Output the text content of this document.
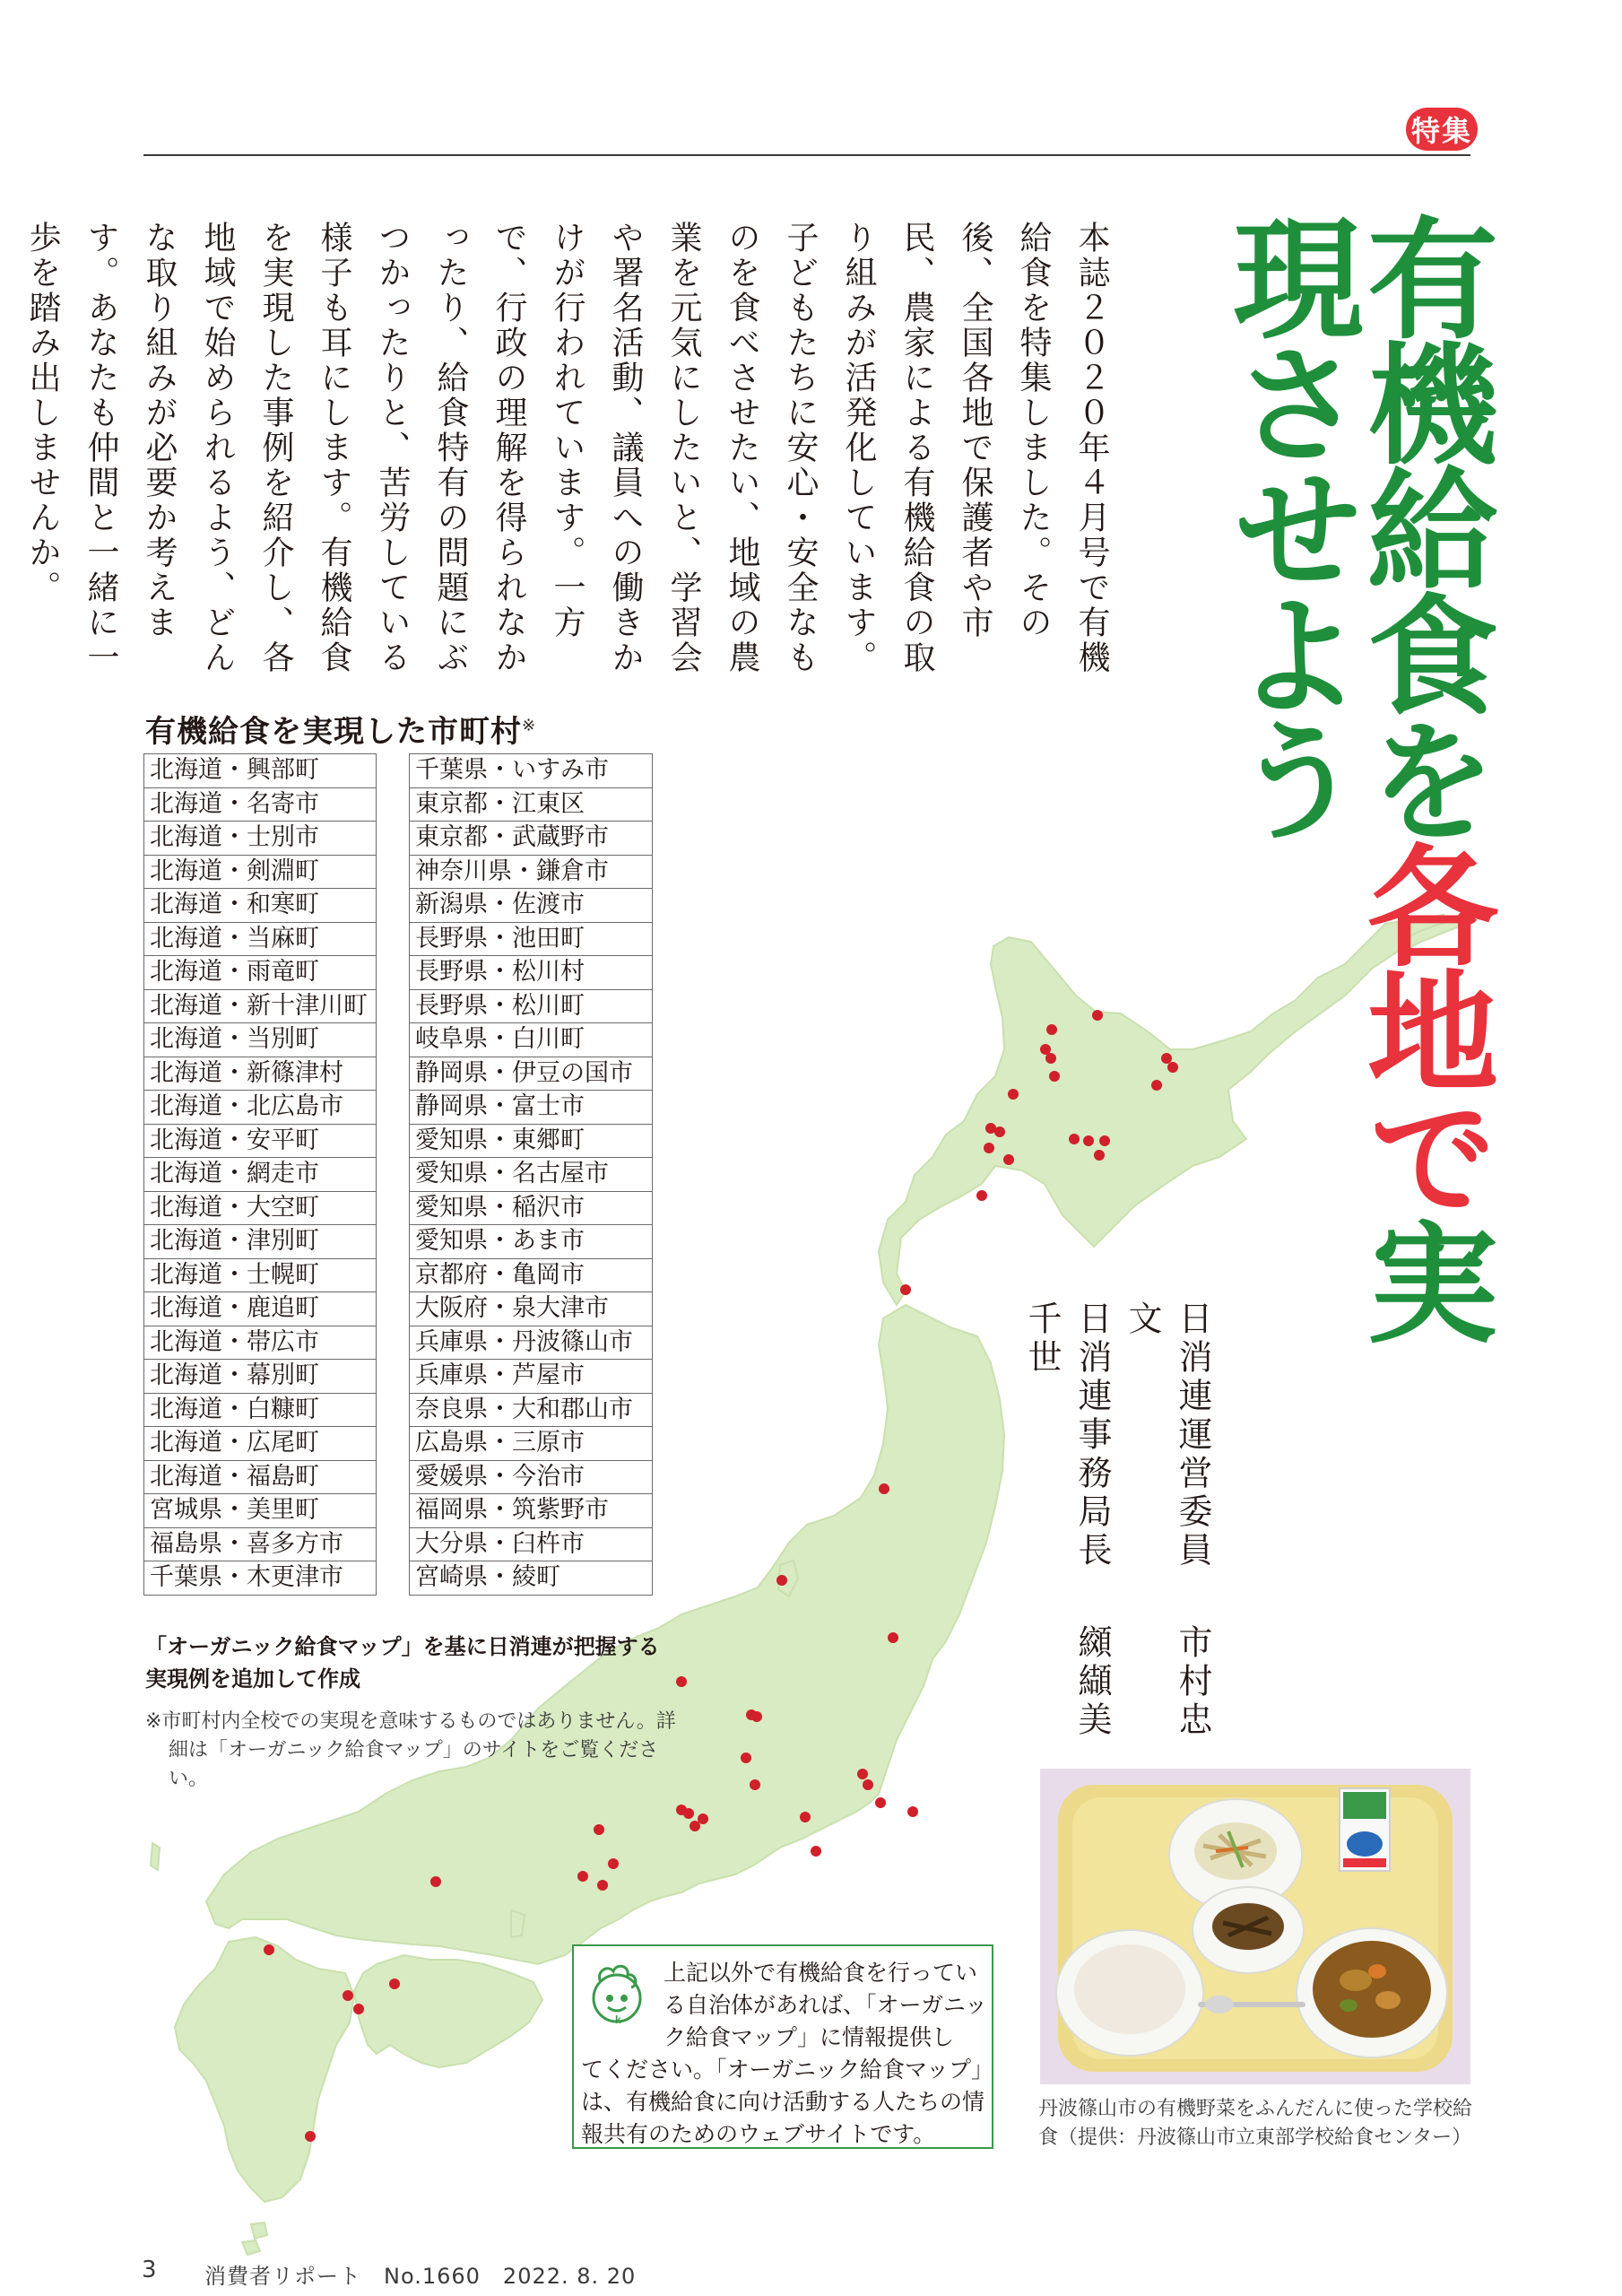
特集
有機給食を各地で実現させよう
本誌２０２０年４月号で有機給食を特集しました。その後、全国各地で保護者や市民、農家による有機給食の取り組みが活発化しています。子どもたちに安心・安全なものを食べさせたい、地域の農業を元気にしたいと、学習会や署名活動、議員への働きかけが行われています。一方で、行政の理解を得られなかったり、給食特有の問題にぶつかったりと、苦労している様子も耳にします。有機給食を実現した事例を紹介し、各地域で始められるよう、どんな取り組みが必要か考えます。あなたも仲間と一緒に一歩を踏み出しませんか。
日消連運営委員市村忠文
日消連事務局長纐纈美千世
有機給食を実現した市町村※
北海道・興部町
北海道・名寄市
北海道・士別市
北海道・剣淵町
北海道・和寒町
北海道・当麻町
北海道・雨竜町
北海道・新十津川町
北海道・当別町
北海道・新篠津村
北海道・北広島市
北海道・安平町
北海道・網走市
北海道・大空町
北海道・津別町
北海道・士幌町
北海道・鹿追町
北海道・帯広市
北海道・幕別町
北海道・白糠町
北海道・広尾町
北海道・福島町
宮城県・美里町
福島県・喜多方市
千葉県・木更津市
千葉県・いすみ市
東京都・江東区
東京都・武蔵野市
神奈川県・鎌倉市
新潟県・佐渡市
長野県・池田町
長野県・松川村
長野県・松川町
岐阜県・白川町
静岡県・伊豆の国市
静岡県・富士市
愛知県・東郷町
愛知県・名古屋市
愛知県・稲沢市
愛知県・あま市
京都府・亀岡市
大阪府・泉大津市
兵庫県・丹波篠山市
兵庫県・芦屋市
奈良県・大和郡山市
広島県・三原市
愛媛県・今治市
福岡県・筑紫野市
大分県・臼杵市
宮崎県・綾町
「オーガニック給食マップ」を基に日消連が把握する実現例を追加して作成
※市町村内全校での実現を意味するものではありません。詳細は「オーガニック給食マップ」のサイトをご覧ください。
k
上記以外で有機給食を行っている自治体があれば、「オーガニック給食マップ」に情報提供し
てください。「オーガニック給食マップ」は、有機給食に向け活動する人たちの情報共有のためのウェブサイトです。
丹波篠山市の有機野菜をふんだんに使った学校給食（提供：丹波篠山市立東部学校給食センター）
3 消費者リポート　No.1660　2022. 8. 20
